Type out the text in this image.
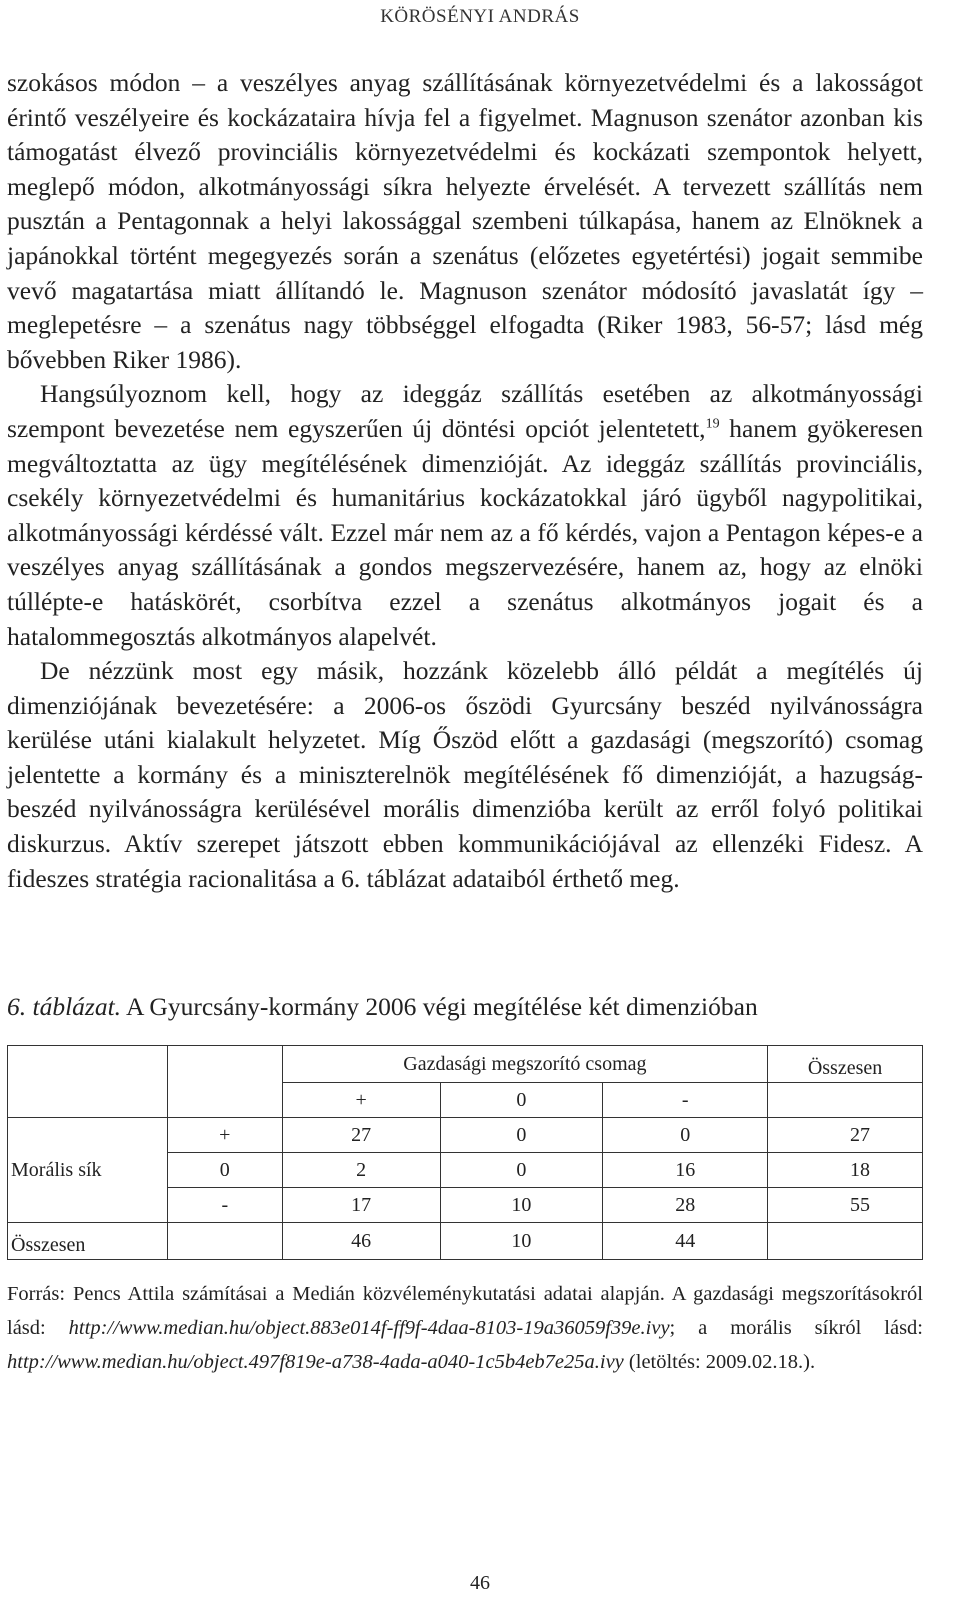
KÖRÖSÉNYI ANDRÁS

szokásos módon – a veszélyes anyag szállításának környezetvédelmi és a lakosságot érintő veszélyeire és kockázataira hívja fel a figyelmet. Magnuson szenátor azonban kis támogatást élvező provinciális környezetvédelmi és kockázati szempontok helyett, meglepő módon, alkotmányossági síkra helyezte érvelését. A tervezett szállítás nem pusztán a Pentagonnak a helyi lakossággal szembeni túlkapása, hanem az Elnöknek a japánokkal történt megegyezés során a szenátus (előzetes egyetértési) jogait semmibe vevő magatartása miatt állítandó le. Magnuson szenátor módosító javaslatát így – meglepetésre – a szenátus nagy többséggel elfogadta (Riker 1983, 56-57; lásd még bővebben Riker 1986).

Hangsúlyoznom kell, hogy az ideggáz szállítás esetében az alkotmányossági szempont bevezetése nem egyszerűen új döntési opciót jelentetett,$^{19}$ hanem gyökeresen megváltoztatta az ügy megítélésének dimenzióját. Az ideggáz szállítás provinciális, csekély környezetvédelmi és humanitárius kockázatokkal járó ügyből nagypolitikai, alkotmányossági kérdéssé vált. Ezzel már nem az a fő kérdés, vajon a Pentagon képes-e a veszélyes anyag szállításának a gondos megszervezésére, hanem az, hogy az elnöki túllépte-e hatáskörét, csorbítva ezzel a szenátus alkotmányos jogait és a hatalommegosztás alkotmányos alapelvét.

De nézzünk most egy másik, hozzánk közelebb álló példát a megítélés új dimenziójának bevezetésére: a 2006-os őszödi Gyurcsány beszéd nyilvánosságra kerülése utáni kialakult helyzetet. Míg Őszöd előtt a gazdasági (megszorító) csomag jelentette a kormány és a miniszterelnök megítélésének fő dimenzióját, a hazugság-beszéd nyilvánosságra kerülésével morális dimenzióba került az erről folyó politikai diskurzus. Aktív szerepet játszott ebben kommunikációjával az ellenzéki Fidesz. A fideszes stratégia racionalitása a 6. táblázat adataiból érthető meg.

6. táblázat. A Gyurcsány-kormány 2006 végi megítélése két dimenzióban
		Gazdasági megszorító csomag			Összesen
		+	0	-	
Morális sík	+	27	0	0	27
	0	2	0	16	18
	-	17	10	28	55
Összesen		46	10	44	
Forrás: Pencs Attila számításai a Medián közvéleménykutatási adatai alapján. A gazdasági megszorításokról lásd: http://www.median.hu/object.883e014f-ff9f-4daa-8103-19a36059f39e.ivy; a morális síkról lásd: http://www.median.hu/object.497f819e-a738-4ada-a040-1c5b4eb7e25a.ivy (letöltés: 2009.02.18.).
46
